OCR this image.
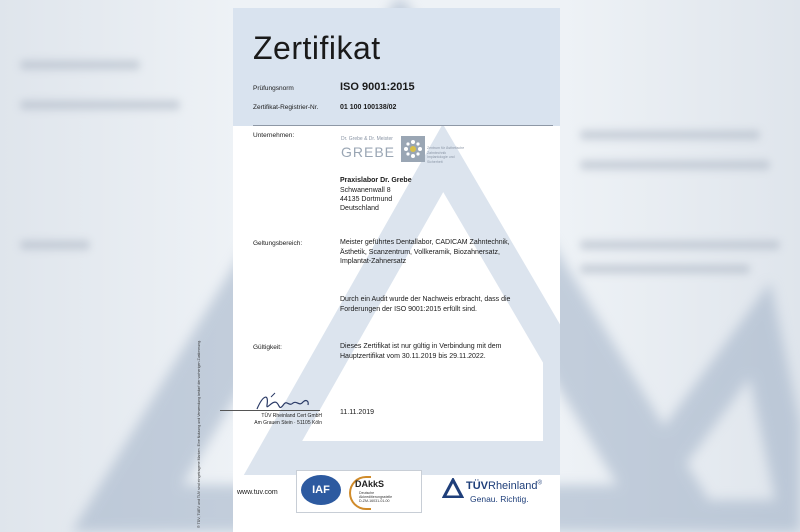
Zertifikat
Prüfungsnorm	ISO 9001:2015
Zertifikat-Registrier-Nr.	01 100 100138/02
Unternehmen:	Dr. Grebe & Dr. Meister
GREBE	Zentrum für Ästhetische Zahntechnik Implantologie und Sicherheit
Praxislabor Dr. Grebe
Schwanenwall 8
44135 Dortmund
Deutschland
Geltungsbereich:	Meister geführtes Dentallabor, CADICAM Zahntechnik,
Ästhetik, Scanzentrum, Vollkeramik, Biozahnersatz,
Implantat-Zahnersatz
Durch ein Audit wurde der Nachweis erbracht, dass die
Forderungen der ISO 9001:2015 erfüllt sind.
Gültigkeit:	Dieses Zertifikat ist nur gültig in Verbindung mit dem
Hauptzertifikat vom 30.11.2019 bis 29.11.2022.
11.11.2019
www.tuv.com
® TÜV, TUEV und TUV sind eingetragene Marken. Eine Nutzung und Verwendung bedarf der vorherigen Zustimmung.	TÜV Rheinland Cert GmbH
Am Grauen Stein · 51105 Köln
IAF	DAkkS
Deutsche
Akkreditierungsstelle
D-ZM-16031-01-00
TÜVRheinland®
Genau. Richtig.
